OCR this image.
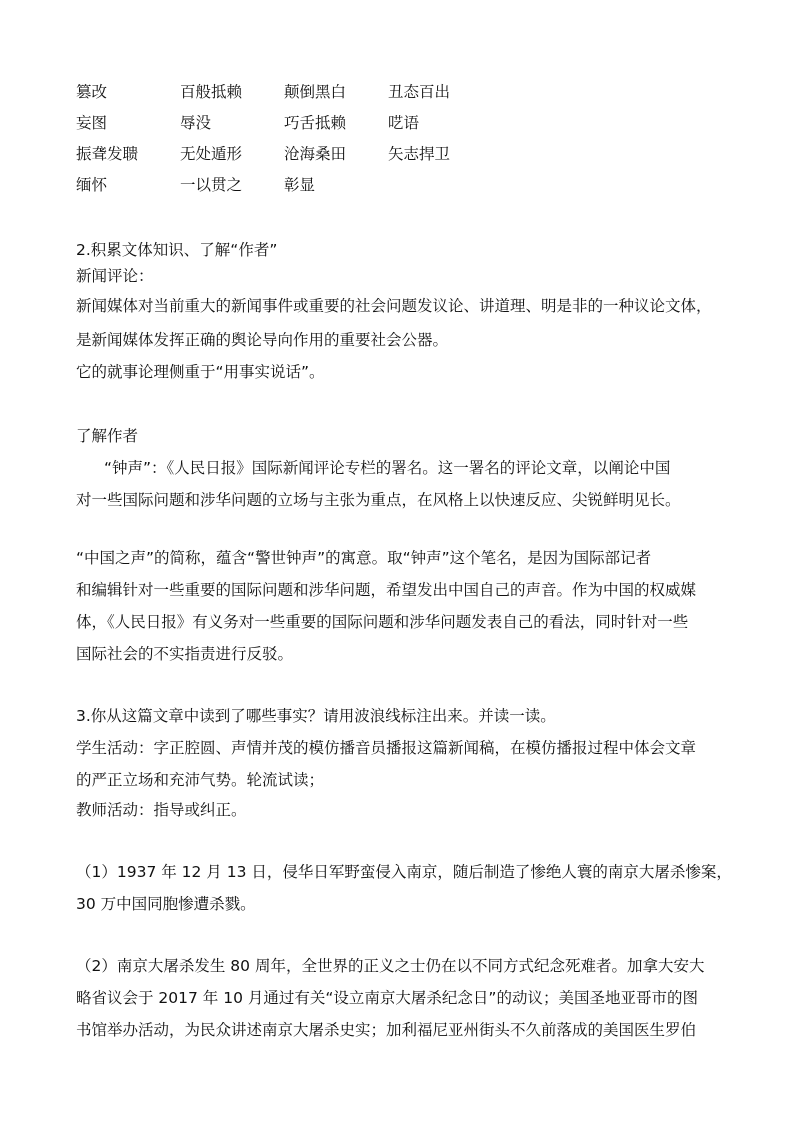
篡改	百般抵赖	颠倒黑白	丑态百出
妄图	辱没	巧舌抵赖	呓语
振聋发聩	无处遁形	沧海桑田	矢志捍卫
缅怀	一以贯之	彰显
2.积累文体知识、了解“作者”
新闻评论：
新闻媒体对当前重大的新闻事件或重要的社会问题发议论、讲道理、明是非的一种议论文体，
是新闻媒体发挥正确的舆论导向作用的重要社会公器。
它的就事论理侧重于“用事实说话”。
了解作者
“钟声”：《人民日报》国际新闻评论专栏的署名。这一署名的评论文章，以阐论中国
对一些国际问题和涉华问题的立场与主张为重点，在风格上以快速反应、尖锐鲜明见长。
“中国之声”的简称，蕴含“警世钟声”的寓意。取“钟声”这个笔名，是因为国际部记者
和编辑针对一些重要的国际问题和涉华问题，希望发出中国自己的声音。作为中国的权威媒
体，《人民日报》有义务对一些重要的国际问题和涉华问题发表自己的看法，同时针对一些
国际社会的不实指责进行反驳。
3.你从这篇文章中读到了哪些事实？请用波浪线标注出来。并读一读。
学生活动：字正腔圆、声情并茂的模仿播音员播报这篇新闻稿，在模仿播报过程中体会文章
的严正立场和充沛气势。轮流试读；
教师活动：指导或纠正。
（1）1937 年 12 月 13 日，侵华日军野蛮侵入南京，随后制造了惨绝人寰的南京大屠杀惨案，
30 万中国同胞惨遭杀戮。
（2）南京大屠杀发生 80 周年，全世界的正义之士仍在以不同方式纪念死难者。加拿大安大
略省议会于 2017 年 10 月通过有关“设立南京大屠杀纪念日”的动议；美国圣地亚哥市的图
书馆举办活动，为民众讲述南京大屠杀史实；加利福尼亚州街头不久前落成的美国医生罗伯
